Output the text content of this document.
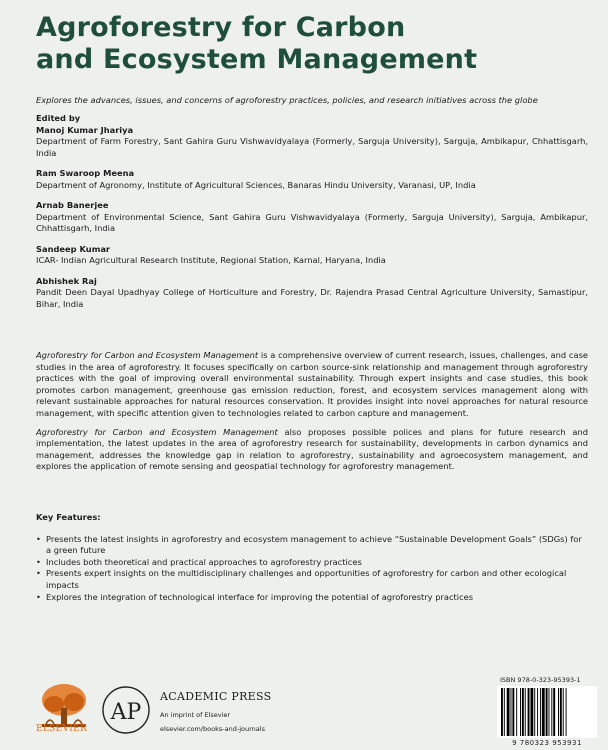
Agroforestry for Carbon
and Ecosystem Management
Explores the advances, issues, and concerns of agroforestry practices, policies, and research initiatives across the globe
Edited by
Manoj Kumar Jhariya
Department of Farm Forestry, Sant Gahira Guru Vishwavidyalaya (Formerly, Sarguja University), Sarguja, Ambikapur, Chhattisgarh, India
Ram Swaroop Meena
Department of Agronomy, Institute of Agricultural Sciences, Banaras Hindu University, Varanasi, UP, India
Arnab Banerjee
Department of Environmental Science, Sant Gahira Guru Vishwavidyalaya (Formerly, Sarguja University), Sarguja, Ambikapur, Chhattisgarh, India
Sandeep Kumar
ICAR- Indian Agricultural Research Institute, Regional Station, Karnal, Haryana, India
Abhishek Raj
Pandit Deen Dayal Upadhyay College of Horticulture and Forestry, Dr. Rajendra Prasad Central Agriculture University, Samastipur, Bihar, India

Agroforestry for Carbon and Ecosystem Management is a comprehensive overview of current research, issues, challenges, and case studies in the area of agroforestry. It focuses specifically on carbon source-sink relationship and management through agroforestry practices with the goal of improving overall environmental sustainability. Through expert insights and case studies, this book promotes carbon management, greenhouse gas emission reduction, forest, and ecosystem services management along with relevant sustainable approaches for natural resources conservation. It provides insight into novel approaches for natural resource management, with specific attention given to technologies related to carbon capture and management.

Agroforestry for Carbon and Ecosystem Management also proposes possible polices and plans for future research and implementation, the latest updates in the area of agroforestry research for sustainability, developments in carbon dynamics and management, addresses the knowledge gap in relation to agroforestry, sustainability and agroecosystem management, and explores the application of remote sensing and geospatial technology for agroforestry management.

Key Features:
• Presents the latest insights in agroforestry and ecosystem management to achieve “Sustainable Development Goals” (SDGs) for a green future
• Includes both theoretical and practical approaches to agroforestry practices
• Presents expert insights on the multidisciplinary challenges and opportunities of agroforestry for carbon and other ecological impacts
• Explores the integration of technological interface for improving the potential of agroforestry practices
ELSEVIER
AP
ACADEMIC PRESS
An imprint of Elsevier
elsevier.com/books-and-journals
ISBN 978-0-323-95393-1
9 780323 953931
